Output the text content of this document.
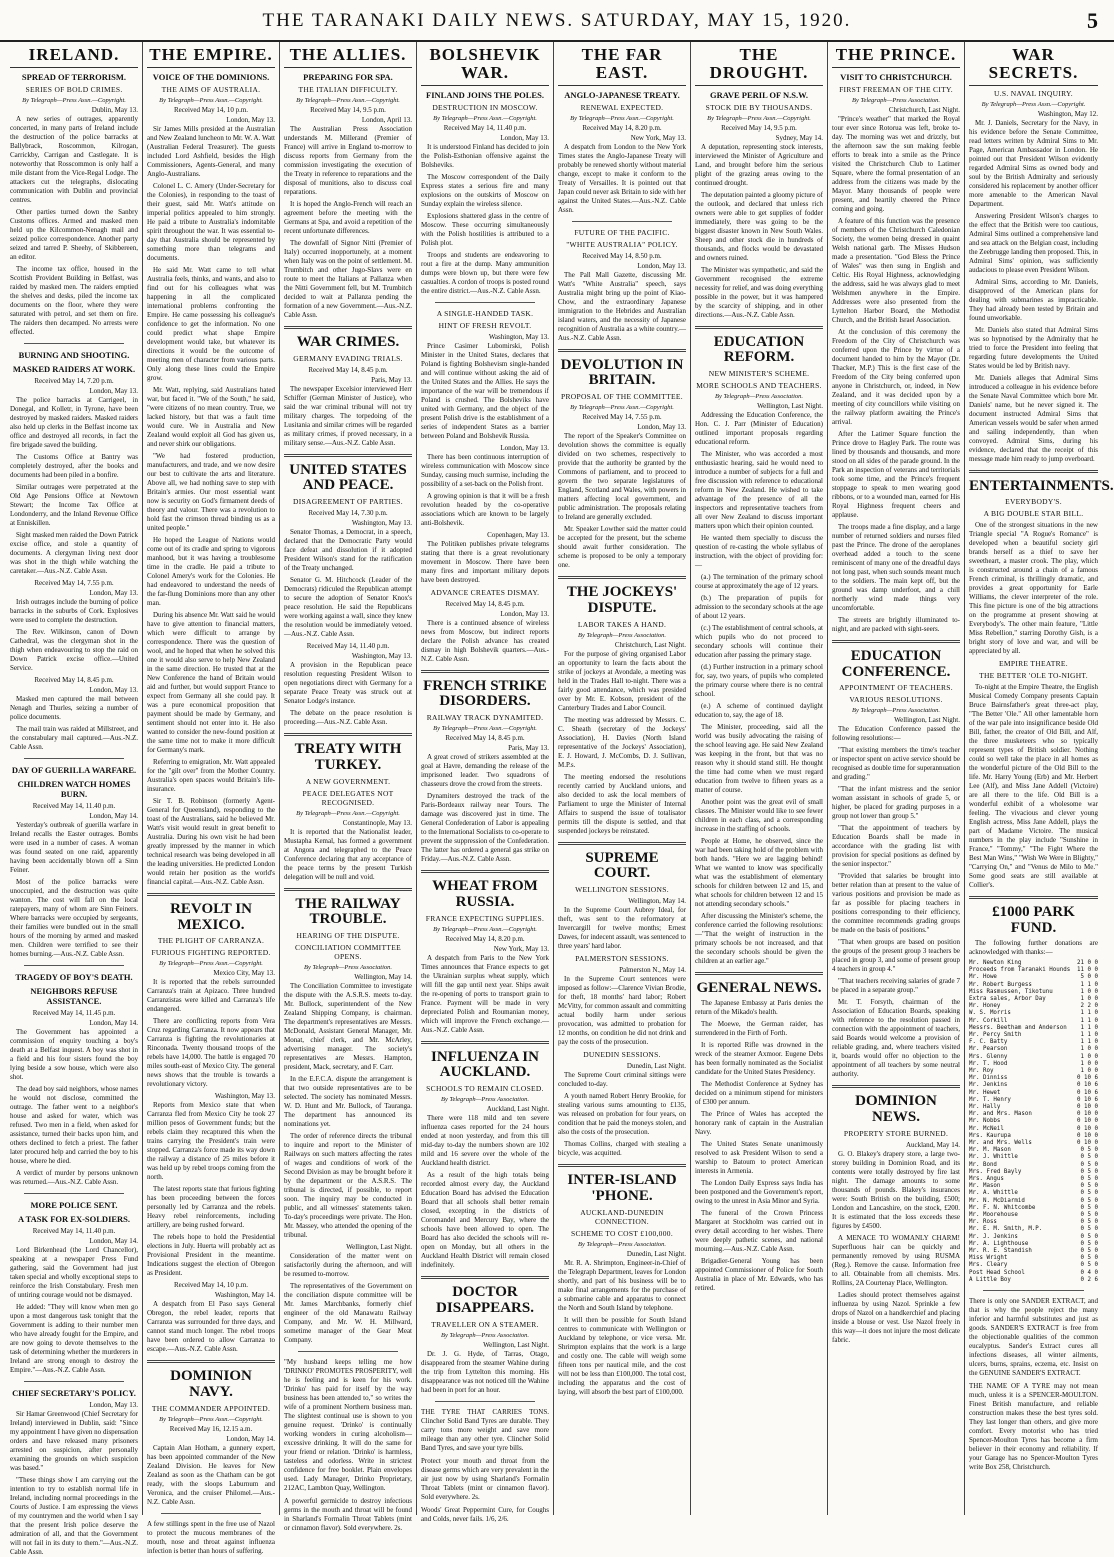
THE TARANAKI DAILY NEWS. SATURDAY, MAY 15, 1920.	5
IRELAND.
SPREAD OF TERRORISM.
SERIES OF BOLD CRIMES.
By Telegraph—Press Assn.—Copyright.
Dublin, May 13.
A new series of outrages, apparently concerted, in many parts of Ireland include the destruction of the police barracks at Ballybrack, Roscommon, Kilrogan, Carrickby, Carrigan and Castlegate. It is noteworthy that Rosscommon is only half a mile distant from the Vice-Regal Lodge. The attackers cut the telegraphs, dislocating communication with Dublin and provincial centres.
Other parties turned down the Sanbry Customs offices. Armed and masked men held up the Kilcommon-Nenagh mail and seized police correspondence. Another party seized and tarred P. Sheehy, of Skibbereen, an editor.
The income tax office, housed in the Scottish Provident Building in Belfast, was raided by masked men. The raiders emptied the shelves and desks, piled the income tax documents on the floor, where they were saturated with petrol, and set them on fire. The raiders then decamped. No arrests were effected.
BURNING AND SHOOTING.
MASKED RAIDERS AT WORK.
Received May 14, 7.20 p.m.
London, May 13.
The police barracks at Carrigeel, in Donegal, and Kolletr, in Tyrone, have been destroyed by masked raiders. Masked raiders also held up clerks in the Belfast income tax office and destroyed all records, in fact the fire brigade saved the building.
The Customs Office at Bantry was completely destroyed, after the books and documents had been piled in a bonfire.
Similar outrages were perpetrated at the Old Age Pensions Office at Newtown Stewart; the Income Tax Office at Londonderry, and the Inland Revenue Office at Enniskillen.
Sight masked men raided the Down Patrick excise office, and stole a quantity of documents. A clergyman living next door was shot in the thigh while watching the caretaker.—Aus.-N.Z. Cable Assn.
Received May 14, 7.55 p.m.
London, May 13.
Irish outrages include the burning of police barracks in the suburbs of Cork. Explosives were used to complete the destruction.
The Rev. Wilkinson, canon of Down Cathedral, was the clergyman shot in the thigh when endeavouring to stop the raid on Down Patrick excise office.—United Service.
Received May 14, 8.45 p.m.
London, May 13.
Masked men captured the mail between Nenagh and Thurles, seizing a number of police documents.
The mail train was raided at Millstreet, and the constabulary mail captured.—Aus.-N.Z. Cable Assn.
DAY OF GUERILLA WARFARE.
CHILDREN WATCH HOMES BURN.
Received May 14, 11.40 p.m.
London, May 14.
Yesterday's outbreak of guerilla warfare in Ireland recalls the Easter outrages. Bombs were used in a number of cases. A woman was found seated on one raid, apparently having been accidentally blown off a Sinn Feiner.
Most of the police barracks were unoccupied, and the destruction was quite wanton. The cost will fall on the local ratepayers, many of whom are Sinn Feiners. Where barracks were occupied by sergeants, their families were bundled out in the small hours of the morning by armed and masked men. Children were terrified to see their homes burning.—Aus.-N.Z. Cable Assn.
TRAGEDY OF BOY'S DEATH.
NEIGHBORS REFUSE ASSISTANCE.
Received May 14, 11.45 p.m.
London, May 14.
The Government has appointed a commission of enquiry touching a boy's death at a Belfast inquest. A boy was shot in a field and his four sisters found the boy lying beside a sow house, which were also shot.
The dead boy said neighbors, whose names he would not disclose, committed the outrage. The father went to a neighbor's house and asked for water, which was refused. Two men in a field, when asked for assistance, turned their backs upon him, and others declined to fetch a priest. The father later procured help and carried the boy to his house, where he died.
A verdict of murder by persons unknown was returned.—Aus.-N.Z. Cable Assn.
MORE POLICE SENT.
A TASK FOR EX-SOLDIERS.
Received May 14, 11.40 p.m.
London, May 14.
Lord Birkenhead (the Lord Chancellor), speaking at a newspaper Press Fund gathering, said the Government had just taken special and wholly exceptional steps to reinforce the Irish Constabulary. Fresh men of untiring courage would not be dismayed.
He added: "They will know when men go upon a most dangerous task tonight that the Government is adding to their number men who have already fought for the Empire, and are now going to devote themselves to the task of determining whether the murderers in Ireland are strong enough to destroy the Empire."—Aus.-N.Z. Cable Assn.
CHIEF SECRETARY'S POLICY.
London, May 13.
Sir Hamar Greenwood (Chief Secretary for Ireland) interviewed in Dublin, said: "Since my appointment I have given no dispensation orders and have released many prisoners arrested on suspicion, after personally examining the grounds on which suspicion was based."
"These things show I am carrying out the intention to try to establish normal life in Ireland, including normal proceedings in the Courts of Justice. I am expressing the views of my countrymen and the world when I say that the present Irish police deserve the admiration of all, and that the Government will not fail in its duty to them."—Aus.-N.Z. Cable Assn.
THE EMPIRE.
VOICE OF THE DOMINIONS.
THE AIMS OF AUSTRALIA.
By Telegraph—Press Assn.—Copyright.
Received May 14, 10 p.m.
London, May 13.
Sir James Mills presided at the Australian and New Zealand luncheon to Mr. W. A. Watt (Australian Federal Treasurer). The guests included Lord Ashfield, besides the High Commissioners, Agents-General, and many Anglo-Australians.
Colonel L. C. Amery (Under-Secretary for the Colonies), in responding to the toast of their guest, said Mr. Watt's attitude on imperial politics appealed to him strongly. He paid a tribute to Australia's indomitable spirit throughout the war. It was essential to-day that Australia should be represented by something more than telegrams and documents.
He said Mr. Watt came to tell what Australia feels, thinks, and wants, and also to find out for his colleagues what was happening in all the complicated international problems confronting the Empire. He came possessing his colleague's confidence to get the information. No one could predict what shape Empire development would take, but whatever its directions it would be the outcome of meeting men of character from various parts. Only along these lines could the Empire grow.
Mr. Watt, replying, said Australians hated war, but faced it. "We of the South," he said, "were citizens of no mean country. True, we lacked history, but that was a fault time would cure. We in Australia and New Zealand would exploit all God has given us, and never shirk our obligations.
"We had fostered production, manufacturers, and trade, and we now desire our best to cultivate the arts and literature. Above all, we had nothing save to step with Britain's armies. Our most essential want now is security on God's firmament deeds of theory and valour. There was a revolution to hold fast the crimson thread binding us as a united people."
He hoped the League of Nations would come out of its cradle and spring to vigorous manhood, but it was having a troublesome time in the cradle. He paid a tribute to Colonel Amery's work for the Colonies. He had endeavored to understand the needs of the far-flung Dominions more than any other man.
During his absence Mr. Watt said he would have to give attention to financial matters, which were difficult to arrange by correspondence. There was the question of wool, and he hoped that when he solved this one it would also serve to help New Zealand in the same direction. He trusted that at the New Conference the hand of Britain would aid and further, but would support France to expect from Germany all she could pay. It was a pure economical proposition that payment should be made by Germany, and sentiment should not enter into it. He also wanted to consider the new-found position at the same time not to make it more difficult for Germany's mark.
Referring to emigration, Mr. Watt appealed for the "gilt over" from the Mother Country. Australia's open spaces would Britain's life-insurance.
Sir T. B. Robinson (formerly Agent-General for Queensland), responding to the toast of the Australians, said he believed Mr. Watt's visit would result in great benefit to Australia. During his own visit he had been greatly impressed by the manner in which technical research was being developed in all the leading universities. He predicted London would retain her position as the world's financial capital.—Aus.-N.Z. Cable Assn.
REVOLT IN MEXICO.
THE PLIGHT OF CARRANZA.
FURIOUS FIGHTING REPORTED.
By Telegraph—Press Assn.—Copyright.
Mexico City, May 13.
It is reported that the rebels surrounded Carranza's train at Apizaco. Three hundred Carranzistas were killed and Carranza's life endangered.
There are conflicting reports from Vera Cruz regarding Carranza. It now appears that Carranza is fighting the revolutionaries at Rinconada. Twenty thousand troops of the rebels have 14,000. The battle is engaged 70 miles south-east of Mexico City. The general news shows that the trouble is towards a revolutionary victory.
Washington, May 13.
Reports from Mexico state that when Carranza fled from Mexico City he took 27 million pesos of Government funds; but the rebels claim they recaptured this when the trains carrying the President's train were stopped. Carranza's force made its way down the railway a distance of 25 miles before it was held up by rebel troops coming from the north.
The latest reports state that furious fighting has been proceeding between the forces personally led by Carranza and the rebels. Heavy rebel reinforcements, including artillery, are being rushed forward.
The rebels hope to hold the Presidential elections in July. Huerta will probably act as Provisional President in the meantime. Indications suggest the election of Obregon as President.
Received May 14, 10 p.m.
Washington, May 14.
A despatch from El Paso says General Obregon, the rebel leader, reports that Carranza was surrounded for three days, and cannot stand much longer. The rebel troops have been ordered to allow Carranza to escape.—Aus.-N.Z. Cable Assn.
DOMINION NAVY.
THE COMMANDER APPOINTED.
By Telegraph—Press Assn.—Copyright.
Received May 16, 12.15 a.m.
London, May 14.
Captain Alan Hotham, a gunnery expert, has been appointed commander of the New Zealand Division. He leaves for New Zealand as soon as the Chatham can be got ready, with the sloops Laburnum and Veronica, and the cruiser Philomel.—Aus.-N.Z. Cable Assn.
A few stillings spent in the free use of Nazol to protect the mucous membranes of the mouth, nose and throat against influenza infection is better than hours of suffering.
THE ALLIES.
PREPARING FOR SPA.
THE ITALIAN DIFFICULTY.
By Telegraph—Press Assn.—Copyright.
Received May 14, 9.5 p.m.
London, April 13.
The Australian Press Association understands M. Millerand (Premier of France) will arrive in England to-morrow to discuss reports from Germany from the commission investigating the execution of the Treaty in reference to reparations and the disposal of munitions, also to discuss coal reparations.
It is hoped the Anglo-French will reach an agreement before the meeting with the Germans at Spa, and avoid a repetition of the recent unfortunate differences.
The downfall of Signor Nitti (Premier of Italy) occurred inopportunely, at a moment when Italy was on the point of settlement. M. Trumbitch and other Jugo-Slavs were en route to meet the Italians at Pallanza when the Nitti Government fell, but M. Trumbitch decided to wait at Pallanza pending the formation of a new Government.—Aus.-N.Z. Cable Assn.
WAR CRIMES.
GERMANY EVADING TRIALS.
Received May 14, 8.45 p.m.
Paris, May 13.
The newspaper Excelsior interviewed Herr Schiffer (German Minister of Justice), who said the war criminal tribunal will not try military charges. The torpedoing of the Lusitania and similar crimes will be regarded as military crimes, if proved necessary, in a military sense.—Aus.-N.Z. Cable Assn.
UNITED STATES AND PEACE.
DISAGREEMENT OF PARTIES.
Received May 14, 7.30 p.m.
Washington, May 13.
Senator Thomas, a Democrat, in a speech, declared that the Democratic Party would face defeat and dissolution if it adopted President Wilson's stand for the ratification of the Treaty unchanged.
Senator G. M. Hitchcock (Leader of the Democrats) ridiculed the Republican attempt to secure the adoption of Senator Knox's peace resolution. He said the Republicans were working against a wall, since they knew the resolution would be immediately vetoed.—Aus.-N.Z. Cable Assn.
Received May 14, 11.40 p.m.
Washington, May 13.
A provision in the Republican peace resolution requesting President Wilson to open negotiations direct with Germany for a separate Peace Treaty was struck out at Senator Lodge's instance.
The debate on the peace resolution is proceeding.—Aus.-N.Z. Cable Assn.
TREATY WITH TURKEY.
A NEW GOVERNMENT.
PEACE DELEGATES NOT RECOGNISED.
By Telegraph—Press Assn.—Copyright.
Constantinople, May 13.
It is reported that the Nationalist leader, Mustapha Kemal, has formed a government at Angora and telegraphed to the Peace Conference declaring that any acceptance of the peace terms by the present Turkish delegation will be null and void.
THE RAILWAY TROUBLE.
HEARING OF THE DISPUTE.
CONCILIATION COMMITTEE OPENS.
By Telegraph—Press Association.
Wellington, May 14.
The Conciliation Committee to investigate the dispute with the A.S.R.S. meets to-day. Mr. Bullock, superintendent of the New Zealand Shipping Company, is chairman. The department's representatives are Messrs. McDonald, Assistant General Manager, Mr. Monat, chief clerk, and Mr. McArley, advertising manager. The society's representatives are Messrs. Hampton, president, Mack, secretary, and F. Carr.
In the E.F.C.A. dispute the arrangement is that two outside representatives are to be selected. The society has nominated Messrs. W. D. Hunt and Mr. Bullock, of Tauranga. The department has announced its nominations yet.
The order of reference directs the tribunal to inquire and report to the Minister of Railways on such matters affecting the rates of wages and conditions of work of the Second Division as may be brought before it by the department or the A.S.R.S. The tribunal is directed, if possible, to report soon. The inquiry may be conducted in public, and all witnesses' statements taken. To-day's proceedings were private. The Hon. Mr. Massey, who attended the opening of the tribunal.
Wellington, Last Night.
Consideration of the matter went on satisfactorily during the afternoon, and will be resumed to-morrow.
The representatives of the Government on the conciliation dispute committee will be Mr. James Marchbanks, formerly chief engineer of the old Manawatu Railway Company, and Mr. W. H. Millward, sometime manager of the Gear Meat Company.
"My husband keeps telling me how 'DRINKO' PROMOTES PROSPERITY, well he is feeling and is keen for his work. 'Drinko' has paid for itself by the way business has been attended to," so writes the wife of a prominent Northern business man. The slightest continual use is shown to you genuine request. 'Drinko' is continually working wonders in curing alcoholism—excessive drinking. It will do the same for your friend or relation. 'Drinko' is harmless, tasteless and odorless. Write in strictest confidence for free booklet. Plain envelopes used. Lady Manager, Drinko Proprietary, 212AC, Lambton Quay, Wellington.
A powerful germicide to destroy infectious germs in the mouth and throat will be found in Sharland's Formalin Throat Tablets (mint or cinnamon flavor). Sold everywhere. 2s.
BOLSHEVIK WAR.
FINLAND JOINS THE POLES.
DESTRUCTION IN MOSCOW.
By Telegraph—Press Assn.—Copyright.
Received May 14, 11.40 p.m.
London, May 13.
It is understood Finland has decided to join the Polish-Esthonian offensive against the Bolsheviks.
The Moscow correspondent of the Daily Express states a serious fire and many explosions on the outskirts of Moscow on Sunday explain the wireless silence.
Explosions shattered glass in the centre of Moscow. These occurring simultaneously with the Polish hostilities is attributed to a Polish plot.
Troops and students are endeavoring to rout a fire at the dump. Many ammunition dumps were blown up, but there were few casualties. A cordon of troops is posted round the entire district.—Aus.-N.Z. Cable Assn.
A SINGLE-HANDED TASK.
HINT OF FRESH REVOLT.
Washington, May 13.
Prince Casimer Lubomirski, Polish Minister in the United States, declares that Poland is fighting Bolshevism single-handed and will continue without asking the aid of the United States and the Allies. He says the importance of the war will be tremendous if Poland is crushed. The Bolsheviks have united with Germany, and the object of the present Polish drive is the establishment of a series of independent States as a barrier between Poland and Bolshevik Russia.
London, May 13.
There has been continuous interruption of wireless communication with Moscow since Sunday, causing much surmise, including the possibility of a set-back on the Polish front.
A growing opinion is that it will be a fresh revolution headed by the co-operative associations which are known to be largely anti-Bolshevik.
Copenhagen, May 13.
The Politiken publishes private telegrams stating that there is a great revolutionary movement in Moscow. There have been many fires and important military depots have been destroyed.
ADVANCE CREATES DISMAY.
Received May 14, 8.45 p.m.
London, May 13.
There is a continued absence of wireless news from Moscow, but indirect reports declare the Polish advance has created dismay in high Bolshevik quarters.—Aus.-N.Z. Cable Assn.
FRENCH STRIKE DISORDERS.
RAILWAY TRACK DYNAMITED.
By Telegraph—Press Assn.—Copyright.
Received May 14, 8.45 p.m.
Paris, May 13.
A great crowd of strikers assembled at the goal at Havre, demanding the release of the imprisoned leader. Two squadrons of chasseurs drove the crowd from the streets.
Dynamiters destroyed the track of the Paris-Bordeaux railway near Tours. The damage was discovered just in time. The General Confederation of Labor is appealing to the International Socialists to co-operate to prevent the suppression of the Confederation. The latter has ordered a general gas strike on Friday.—Aus.-N.Z. Cable Assn.
WHEAT FROM RUSSIA.
FRANCE EXPECTING SUPPLIES.
By Telegraph—Press Assn.—Copyright.
Received May 14, 8.20 p.m.
New York, May 13.
A despatch from Paris to the New York Times announces that France expects to get the Ukrainian surplus wheat supply, which will fill the gap until next year. Ships await the re-opening of ports to transport grain to France. Payment will be made in very depreciated Polish and Roumanian money, which will improve the French exchange.—Aus.-N.Z. Cable Assn.
INFLUENZA IN AUCKLAND.
SCHOOLS TO REMAIN CLOSED.
By Telegraph—Press Association.
Auckland, Last Night.
There were 118 mild and ten severe influenza cases reported for the 24 hours ended at noon yesterday, and from this till mid-day to-day the numbers shown are 102 mild and 16 severe over the whole of the Auckland health district.
As a result of the high totals being recorded almost every day, the Auckland Education Board has advised the Education Board that all schools shall better remain closed, excepting in the districts of Coromandel and Mercury Bay, where the schools have been allowed to open. The Board has also decided the schools will re-open on Monday, but all others in the Auckland Health District will remain closed indefinitely.
DOCTOR DISAPPEARS.
TRAVELLER ON A STEAMER.
By Telegraph—Press Association.
Wellington, Last Night.
Dr. J. G. Hyde, of Tarras, Otago, disappeared from the steamer Wahine during the trip from Lyttelton this morning. His disappearance was not noticed till the Wahine had been in port for an hour.
THE TYRE THAT CARRIES TONS. Clincher Solid Band Tyres are durable. They carry tons more weight and save more mileage than any other tyre. Clincher Solid Band Tyres, and save your tyre bills.
Protect your mouth and throat from the disease germs which are very prevalent in the air just now by using Sharland's Formalin Throat Tablets (mint or cinnamon flavor). Sold everywhere. 2s.
Woods' Great Peppermint Cure, for Coughs and Colds, never fails. 1/6, 2/6.
THE FAR EAST.
ANGLO-JAPANESE TREATY.
RENEWAL EXPECTED.
By Telegraph—Press Assn.—Copyright.
Received May 14, 8.20 p.m.
New York, May 13.
A despatch from London to the New York Times states the Anglo-Japanese Treaty will probably be renewed shortly without material change, except to make it conform to the Treaty of Versailles. It is pointed out that Japan could never ask Britain to side with her against the United States.—Aus.-N.Z. Cable Assn.
FUTURE OF THE PACIFIC.
"WHITE AUSTRALIA" POLICY.
Received May 14, 8.50 p.m.
London, May 13.
The Pall Mall Gazette, discussing Mr. Watt's "White Australia" speech, says Australia might bring up the point of Kiao-Chow, and the extraordinary Japanese immigration to the Hebrides and Australian island waters, and the necessity of Japanese recognition of Australia as a white country.—Aus.-N.Z. Cable Assn.
DEVOLUTION IN BRITAIN.
PROPOSAL OF THE COMMITTEE.
By Telegraph—Press Assn.—Copyright.
Received May 14, 7.55 p.m.
London, May 13.
The report of the Speaker's Committee on devolution shows the committee is equally divided on two schemes, respectively to provide that the authority be granted by the Commons of parliament, and to proceed to govern the two separate legislatures of England, Scotland and Wales, with powers in matters affecting local government, and public administration. The proposals relating to Ireland are generally excluded.
Mr. Speaker Lowther said the matter could be accepted for the present, but the scheme should await further consideration. The scheme is proposed to be only a temporary one.
THE JOCKEYS' DISPUTE.
LABOR TAKES A HAND.
By Telegraph—Press Association.
Christchurch, Last Night.
For the purpose of giving organised Labor an opportunity to learn the facts about the strike of jockeys at Avondale, a meeting was held in the Trades Hall to-night. There was a fairly good attendance, which was presided over by Mr. E. Kobson, president of the Canterbury Trades and Labor Council.
The meeting was addressed by Messrs. C. C. Sheath (secretary of the Jockeys' Association), H. Davies (North Island representative of the Jockeys' Association), E. J. Howard, J. McCombs, D. J. Sullivan, M.P.s.
The meeting endorsed the resolutions recently carried by Auckland unions, and also decided to ask the local members of Parliament to urge the Minister of Internal Affairs to suspend the issue of totalisator permits till the dispute is settled, and that suspended jockeys be reinstated.
SUPREME COURT.
WELLINGTON SESSIONS.
Wellington, May 14.
In the Supreme Court Aubrey Ideal, for theft, was sent to the reformatory at Invercargill for twelve months; Ernest Dawes, for indecent assault, was sentenced to three years' hard labor.
PALMERSTON SESSIONS.
Palmerston N., May 14.
In the Supreme Court sentences were imposed as follow:—Clarence Vivian Brodie, for theft, 18 months' hard labor; Robert McVitty, for common assault and committing actual bodily harm under serious provocation, was admitted to probation for 12 months, on condition he did not drink and pay the costs of the prosecution.
DUNEDIN SESSIONS.
Dunedin, Last Night.
The Supreme Court criminal sittings were concluded to-day.
A youth named Robert Henry Brookie, for stealing various sums amounting to £135, was released on probation for four years, on condition that he paid the moneys stolen, and also the costs of the prosecution.
Thomas Collins, charged with stealing a bicycle, was acquitted.
INTER-ISLAND 'PHONE.
AUCKLAND-DUNEDIN CONNECTION.
SCHEME TO COST £100,000.
By Telegraph—Press Association.
Dunedin, Last Night.
Mr. R. A. Shrimpton, Engineer-in-Chief of the Telegraph Department, leaves for London shortly, and part of his business will be to make final arrangements for the purchase of a submarine cable and apparatus to connect the North and South Island by telephone.
It will then be possible for South Island centres to communicate with Wellington or Auckland by telephone, or vice versa. Mr. Shrimpton explains that the work is a large and costly one. The cable will weigh some fifteen tons per nautical mile, and the cost will not be less than £100,000. The total cost, including the apparatus and the cost of laying, will absorb the best part of £100,000.
THE DROUGHT.
GRAVE PERIL OF N.S.W.
STOCK DIE BY THOUSANDS.
By Telegraph—Press Assn.—Copyright.
Received May 14, 9.5 p.m.
Sydney, May 14.
A deputation, representing stock interests, interviewed the Minister of Agriculture and Land, and brought before him the serious plight of the grazing areas owing to the continued drought.
The deputation painted a gloomy picture of the outlook, and declared that unless rich owners were able to get supplies of fodder immediately, there was going to be the biggest disaster known in New South Wales. Sheep and other stock die in hundreds of thousands, and flocks would be devastated and owners ruined.
The Minister was sympathetic, and said the Government recognised the extreme necessity for relief, and was doing everything possible in the power, but it was hampered by the scarcity of shipping, and in other directions.—Aus.-N.Z. Cable Assn.
EDUCATION REFORM.
NEW MINISTER'S SCHEME.
MORE SCHOOLS AND TEACHERS.
By Telegraph—Press Association.
Wellington, Last Night.
Addressing the Education Conference, the Hon. C. J. Parr (Minister of Education) outlined important proposals regarding educational reform.
The Minister, who was accorded a most enthusiastic hearing, said he would need to introduce a number of subjects for a full and free discussion with reference to educational reform in New Zealand. He wished to take advantage of the presence of all the inspectors and representative teachers from all over New Zealand to discuss important matters upon which their opinion counted.
He wanted them specially to discuss the question of re-casting the whole syllabus of instruction, with the object of providing for:—
(a.) The termination of the primary school course at approximately the age of 12 years.
(b.) The preparation of pupils for admission to the secondary schools at the age of about 12 years.
(c.) The establishment of central schools, at which pupils who do not proceed to secondary schools will continue their education after passing the primary stage.
(d.) Further instruction in a primary school for, say, two years, of pupils who completed the primary course where there is no central school.
(e.) A scheme of continued daylight education to, say, the age of 18.
The Minister, proceeding, said all the world was busily advocating the raising of the school leaving age. He said New Zealand was keeping in the front, but that was no reason why it should stand still. He thought the time had come when we must regard education from twelve to fifteen years as a matter of course.
Another point was the great evil of small classes. The Minister would like to see fewer children in each class, and a corresponding increase in the staffing of schools.
People at Home, he observed, since the war had been taking hold of the problem with both hands. "Here we are lagging behind! What we wanted to know was specifically what was the establishment of elementary schools for children between 12 and 15, and what schools for children between 12 and 15 not attending secondary schools."
After discussing the Minister's scheme, the conference carried the following resolutions:—"That the weight of instruction in the primary schools be not increased, and that the secondary schools should be given the children at an earlier age."
GENERAL NEWS.
The Japanese Embassy at Paris denies the return of the Mikado's health.
The Moewe, the German raider, has surrendered in the Firth of Forth.
It is reported Rifle was drowned in the wreck of the steamer Axmoor. Eugene Debs has been formally nominated as the Socialist candidate for the United States Presidency.
The Methodist Conference at Sydney has decided on a minimum stipend for ministers of £300 per annum.
The Prince of Wales has accepted the honorary rank of captain in the Australian Navy.
The United States Senate unanimously resolved to ask President Wilson to send a warship to Batoum to protect American interests in Armenia.
The London Daily Express says India has been postponed and the Government's report, owing to the unrest in Asia Minor and Syria.
The funeral of the Crown Princess Margaret at Stockholm was carried out in every detail according to her wishes. There were deeply pathetic scenes, and national mourning.—Aus.-N.Z. Cable Assn.
Brigadier-General Young has been appointed Commissioner of Police for South Australia in place of Mr. Edwards, who has retired.
THE PRINCE.
VISIT TO CHRISTCHURCH.
FIRST FREEMAN OF THE CITY.
By Telegraph—Press Association.
Christchurch, Last Night.
"Prince's weather" that marked the Royal tour ever since Rotorua was left, broke to-day. The morning was wet and drizzly, but the afternoon saw the sun making feeble efforts to break into a smile as the Prince visited the Christchurch Club to Latimer Square, where the formal presentation of an address from the citizens was made by the Mayor. Many thousands of people were present, and heartily cheered the Prince coming and going.
A feature of this function was the presence of members of the Christchurch Caledonian Society, the women being dressed in quaint Welsh national garb. The Misses Hudson made a presentation. "God Bless the Prince of Wales" was then sung in English and Celtic. His Royal Highness, acknowledging the address, said he was always glad to meet Welshmen anywhere in the Empire. Addresses were also presented from the Lyttelton Harbor Board, the Methodist Church, and the British Israel Association.
At the conclusion of this ceremony the Freedom of the City of Christchurch was conferred upon the Prince by virtue of a document handed to him by the Mayor (Dr. Thacker, M.P.) This is the first case of the Freedom of the City being conferred upon anyone in Christchurch, or, indeed, in New Zealand, and it was decided upon by a meeting of city councillors while visiting on the railway platform awaiting the Prince's arrival.
After the Latimer Square function the Prince drove to Hagley Park. The route was lined by thousands and thousands, and more stood on all sides of the parade ground. In the Park an inspection of veterans and territorials took some time, and the Prince's frequent stoppage to speak to men wearing good ribbons, or to a wounded man, earned for His Royal Highness frequent cheers and applause.
The troops made a fine display, and a large number of returned soldiers and nurses filed past the Prince. The drone of the aeroplanes overhead added a touch to the scene reminiscent of many one of the dreadful days not long past, when such sounds meant much to the soldiers. The main kept off, but the ground was damp underfoot, and a chill northerly wind made things very uncomfortable.
The streets are brightly illuminated to-night, and are packed with sight-seers.
EDUCATION CONFERENCE.
APPOINTMENT OF TEACHERS.
VARIOUS RESOLUTIONS.
By Telegraph—Press Association.
Wellington, Last Night.
The Education Conference passed the following resolutions:—
"That existing members the time's teacher or inspector spent on active service should be recognised as double time for superannuation and grading."
"That the infant mistress and the senior woman assistant in schools of grade 5, or higher, be placed for grading purposes in a group not lower than group 5."
"That the appointment of teachers by Education Boards shall be made in accordance with the grading list with provision for special positions as defined by the senior inspector."
"Provided that salaries be brought into better relation than at present to the value of various positions and provision be made as far as possible for placing teachers in positions corresponding to their efficiency, the committee recommends grading groups be made on the basis of positions."
"That when groups are based on position the groups of the present group 3 teachers be placed in group 3, and some of present group 4 teachers in group 4."
"That teachers receiving salaries of grade 7 be placed in a separate group."
Mr. T. Forsyth, chairman of the Association of Education Boards, speaking with reference to the resolution passed in connection with the appointment of teachers, said Boards would welcome a provision of reliable grading, and, where teachers visited it, boards would offer no objection to the appointment of all teachers by some neutral authority.
DOMINION NEWS.
PROPERTY STORE BURNED.
Auckland, May 14.
G. O. Blakey's drapery store, a large two-storey building in Dominion Road, and its contents were totally destroyed by fire last night. The damage amounts to some thousands of pounds. Blakey's insurances were: South British on the building, £500; London and Lancashire, on the stock, £200. It is estimated that the loss exceeds these figures by £4500.
A MENACE TO WOMANLY CHARM! Superfluous hair can be quickly and permanently removed by using RUSMA (Reg.). Remove the cause. Information free to all. Obtainable from all chemists. Mrs. Rollins, 2A Courtenay Place, Wellington.
Ladies should protect themselves against influenza by using Nazol. Sprinkle a few drops of Nazol on a handkerchief and placing inside a blouse or vest. Use Nazol freely in this way—it does not injure the most delicate fabric.
WAR SECRETS.
U.S. NAVAL INQUIRY.
By Telegraph—Press Assn.—Copyright.
Washington, May 12.
Mr. J. Daniels, Secretary for the Navy, in his evidence before the Senate Committee, read letters written by Admiral Sims to Mr. Page, American Ambassador in London. He pointed out that President Wilson evidently regarded Admiral Sims as owned body and soul by the British Admiralty and seriously considered his replacement by another officer more amenable to the American Naval Department.
Answering President Wilson's charges to the effect that the British were too cautious, Admiral Sims outlined a comprehensive land and sea attack on the Belgian coast, including the Zeebrugge landing then proposed. This, in Admiral Sims' opinion, was sufficiently audacious to please even President Wilson.
Admiral Sims, according to Mr. Daniels, disapproved of the American plans for dealing with submarines as impracticable. They had already been tested by Britain and found unworkable.
Mr. Daniels also stated that Admiral Sims was so hypnotised by the Admiralty that he tried to force the President into feeling that regarding future developments the United States would be led by British navy.
Mr. Daniels alleges that Admiral Sims introduced a colleague in his evidence before the Senate Naval Committee which bore Mr. Daniels' name, but he never signed it. The document instructed Admiral Sims that American vessels would be safer when armed and sailing independently, than when convoyed. Admiral Sims, during his evidence, declared that the receipt of this message made him ready to jump overboard.
ENTERTAINMENTS.
EVERYBODY'S.
A BIG DOUBLE STAR BILL.
One of the strongest situations in the new Triangle special "A Rogue's Romance" is developed when a beautiful society girl brands herself as a thief to save her sweetheart, a master crook. The play, which is constructed around a chain of a famous French criminal, is thrillingly dramatic, and provides a great opportunity for Earle Williams, the clever interpreter of the role. This fine picture is one of the big attractions on the programme at present showing at Everybody's. The other main feature, "Little Miss Rebellion," starring Dorothy Gish, is a bright story of love and war, and will be appreciated by all.
EMPIRE THEATRE.
THE BETTER 'OLE TO-NIGHT.
To-night at the Empire Theatre, the English Musical Comedy Company presents Captain Bruce Bairnsfather's great three-act play, "The Better 'Ole." All other lamentable horn of the war pale into insignificance beside Old Bill, father, the creator of Old Bill, and Alf, the three musketeers who so typically represent types of British soldier. Nothing could so well take the place in all homes as the wonderful picture of the Old Bill to the life. Mr. Harry Young (Erb) and Mr. Herbert Lee (Alf), and Miss Jane Addell (Victoire) are all there to the life. Old Bill is a wonderful exhibit of a wholesome war feeling. The vivacious and clever young English actress, Miss Jane Addell, plays the part of Madame Victoire. The musical numbers in the play include "Sunshine in France," "Tommy," "The Fight Where the Best Man Wins," "Wish We Were in Blighty," "Carrying On," and "Venus de Milo to Me." Some good seats are still available at Collier's.
£1000 PARK FUND.
The following further donations are acknowledged with thanks:—
Mr. Newton King	21 0 0
Proceeds from Taranaki Hounds 11 0 0
Mr. Howe	5 0 0
Mr. Robert Burgess	1 1 0
Miss Rasmussen, Tikotunu	1 0 0
Extra sales, Arbor Day	1 0 0
Mr. Honey	2 2 0
W. S. Morris	1 1 0
Mr. Corkill	1 1 0
Messrs. Beetham and Anderson 1 1 0
Mr. Percy Smith	1 1 0
F. C. Batty	1 1 0
Mr. Pearson	1 0 0
Mrs. Glenny	1 0 0
Mr. T. Hood	1 0 0
Mr. Roy	1 0 0
Mr. Dinniss	0 10 6
Mr. Jenkins	0 10 6
Mr. Hewet	0 10 6
Mr. T. Henry	0 10 6
Mr. Hally	0 10 0
Mr. and Mrs. Mason	0 10 0
Mr. Nobbs	0 10 0
Mr. McNeil	0 10 0
Mrs. Kaurupa	0 10 0
Mr. and Mrs. Wells	0 10 0
Mr. M. Mason	0 5 0
Mr. J. Whittle	0 5 0
Mr. Bond	0 5 0
Mrs. Fred Bayly	0 5 0
Mrs. Angus	0 5 0
Mr. Mason	0 5 0
Mr. A. Whittle	0 5 0
Mr. N. McDiarmid	0 5 0
Mr. F. N. Whitcombe	0 5 0
Mr. Moorehouse	0 5 0
Mr. Ross	0 5 0
Mr. E. M. Smith, M.P.	0 5 0
Mr. J. Jenkins	0 5 0
Mr. A. Lighthouse	0 5 0
Mr. R. E. Standish	0 5 0
Miss Wright	0 5 0
Mrs. Cleary	0 5 0
Post Head School	0 4 0
A Little Boy	0 2 6
There is only one SANDER EXTRACT, and that is why the people reject the many inferior and harmful substitutes and just as goods. SANDER'S EXTRACT is free from the objectionable qualities of the common eucalyptus. Sander's Extract cures all infections diseases, all winter ailments, ulcers, burns, sprains, eczema, etc. Insist on the GENUINE SANDER'S EXTRACT.
THE NAME OF A TYRE may not mean much, unless it is a SPENCER-MOULTON. Finest British manufacture, and reliable construction makes these the best tyres sold. They last longer than others, and give more comfort. Every motorist who has tried Spencer-Moulton Tyres has become a firm believer in their economy and reliability. If your Garage has no Spencer-Moulton Tyres write Box 258, Christchurch.
